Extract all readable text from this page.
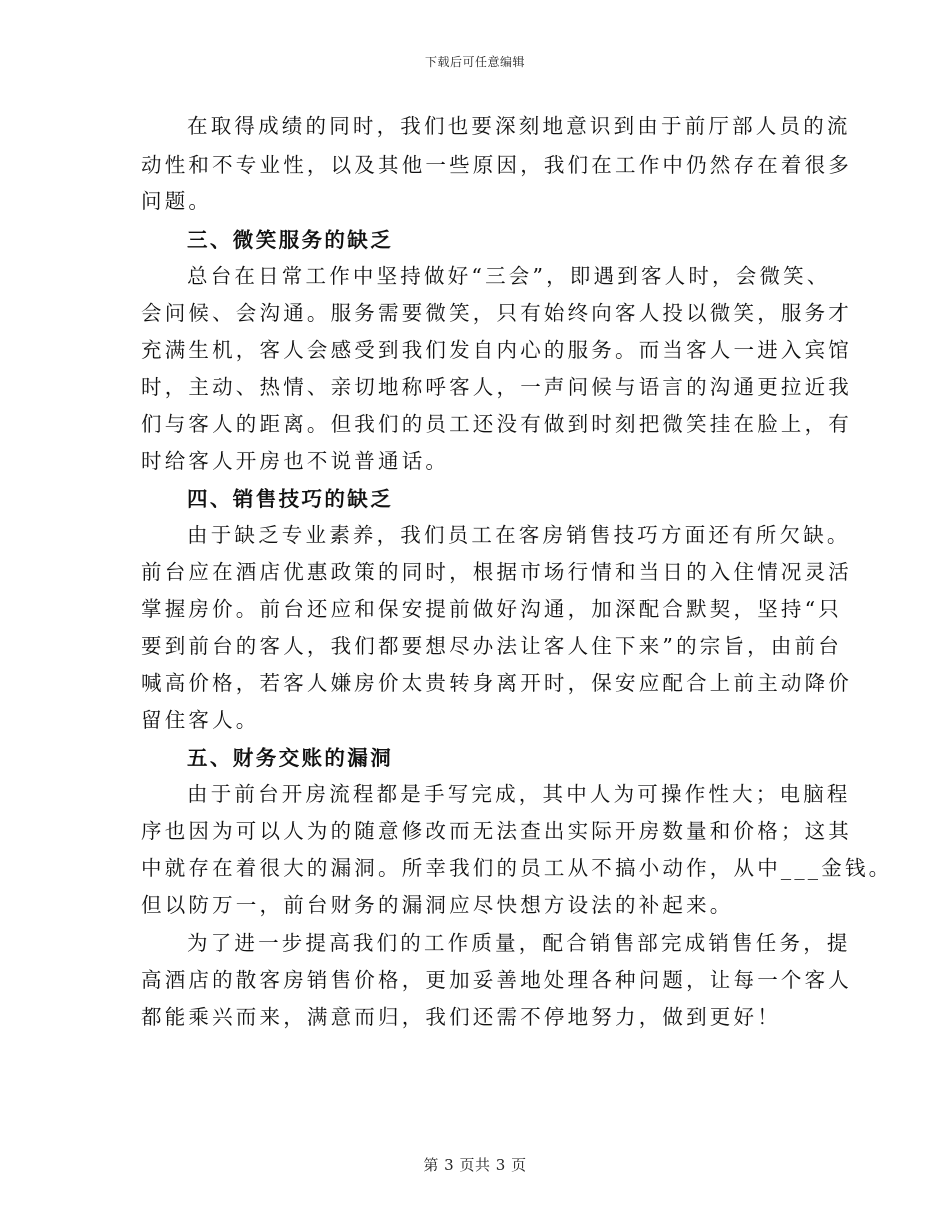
下载后可任意编辑
在取得成绩的同时，我们也要深刻地意识到由于前厅部人员的流
动性和不专业性，以及其他一些原因，我们在工作中仍然存在着很多
问题。
三、微笑服务的缺乏
总台在日常工作中坚持做好“三会”，即遇到客人时，会微笑、
会问候、会沟通。服务需要微笑，只有始终向客人投以微笑，服务才
充满生机，客人会感受到我们发自内心的服务。而当客人一进入宾馆
时，主动、热情、亲切地称呼客人，一声问候与语言的沟通更拉近我
们与客人的距离。但我们的员工还没有做到时刻把微笑挂在脸上，有
时给客人开房也不说普通话。
四、销售技巧的缺乏
由于缺乏专业素养，我们员工在客房销售技巧方面还有所欠缺。
前台应在酒店优惠政策的同时，根据市场行情和当日的入住情况灵活
掌握房价。前台还应和保安提前做好沟通，加深配合默契，坚持“只
要到前台的客人，我们都要想尽办法让客人住下来”的宗旨，由前台
喊高价格，若客人嫌房价太贵转身离开时，保安应配合上前主动降价
留住客人。
五、财务交账的漏洞
由于前台开房流程都是手写完成，其中人为可操作性大；电脑程
序也因为可以人为的随意修改而无法查出实际开房数量和价格；这其
中就存在着很大的漏洞。所幸我们的员工从不搞小动作，从中___金钱。
但以防万一，前台财务的漏洞应尽快想方设法的补起来。
为了进一步提高我们的工作质量，配合销售部完成销售任务，提
高酒店的散客房销售价格，更加妥善地处理各种问题，让每一个客人
都能乘兴而来，满意而归，我们还需不停地努力，做到更好！
第 3 页共 3 页
